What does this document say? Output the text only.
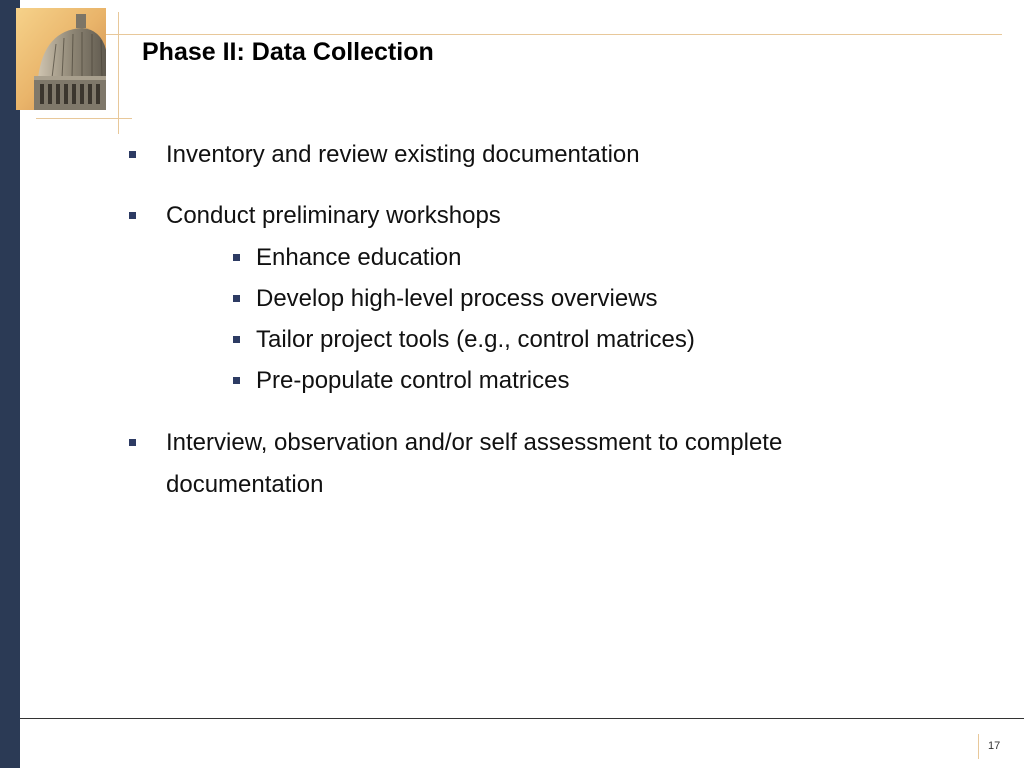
Phase II: Data Collection
Inventory and review existing documentation
Conduct preliminary workshops
Enhance education
Develop high-level process overviews
Tailor project tools (e.g., control matrices)
Pre-populate control matrices
Interview, observation and/or self assessment to complete
documentation
17
